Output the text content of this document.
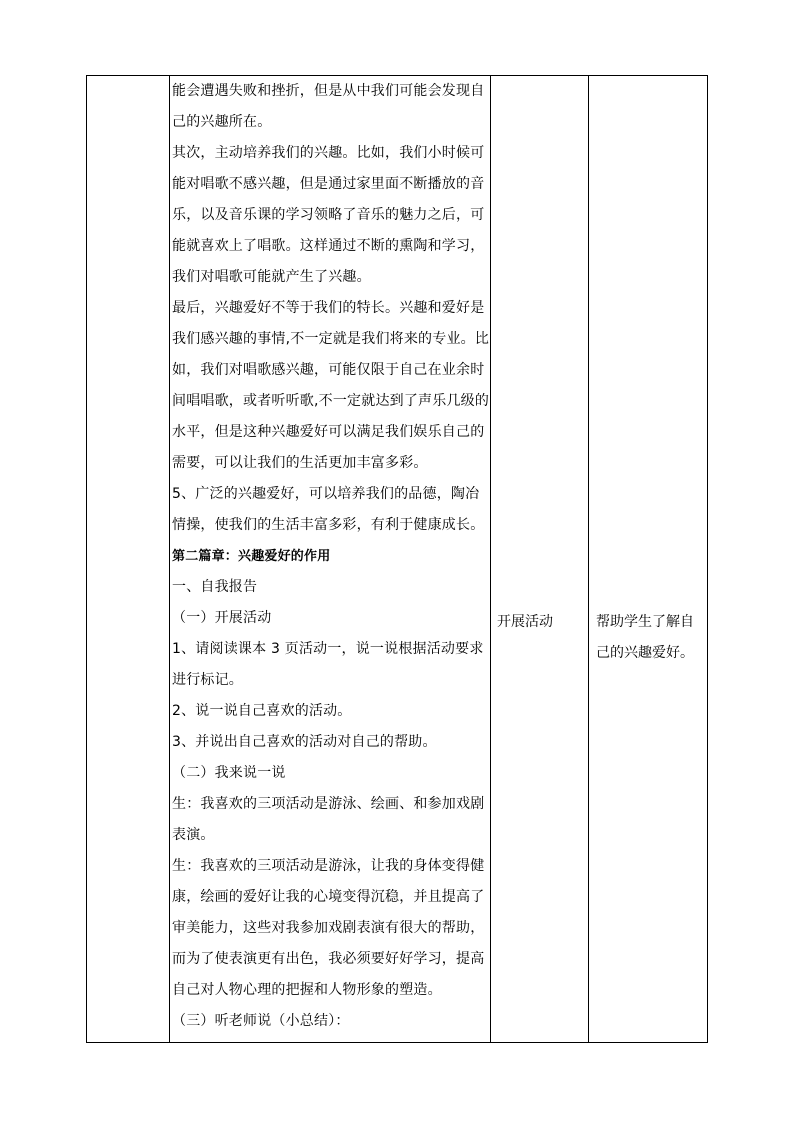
能会遭遇失败和挫折，但是从中我们可能会发现自己的兴趣所在。

其次，主动培养我们的兴趣。比如，我们小时候可能对唱歌不感兴趣，但是通过家里面不断播放的音乐，以及音乐课的学习领略了音乐的魅力之后，可能就喜欢上了唱歌。这样通过不断的熏陶和学习，我们对唱歌可能就产生了兴趣。

最后，兴趣爱好不等于我们的特长。兴趣和爱好是我们感兴趣的事情,不一定就是我们将来的专业。比如，我们对唱歌感兴趣，可能仅限于自己在业余时间唱唱歌，或者听听歌,不一定就达到了声乐几级的水平，但是这种兴趣爱好可以满足我们娱乐自己的需要，可以让我们的生活更加丰富多彩。

5、广泛的兴趣爱好，可以培养我们的品德，陶冶情操，使我们的生活丰富多彩，有利于健康成长。

第二篇章：兴趣爱好的作用

一、自我报告

（一）开展活动

1、请阅读课本 3 页活动一，说一说根据活动要求进行标记。

2、说一说自己喜欢的活动。

3、并说出自己喜欢的活动对自己的帮助。

（二）我来说一说

生：我喜欢的三项活动是游泳、绘画、和参加戏剧表演。

生：我喜欢的三项活动是游泳，让我的身体变得健康，绘画的爱好让我的心境变得沉稳，并且提高了审美能力，这些对我参加戏剧表演有很大的帮助，而为了使表演更有出色，我必须要好好学习，提高自己对人物心理的把握和人物形象的塑造。

（三）听老师说（小总结）：

开展活动	帮助学生了解自己的兴趣爱好。
